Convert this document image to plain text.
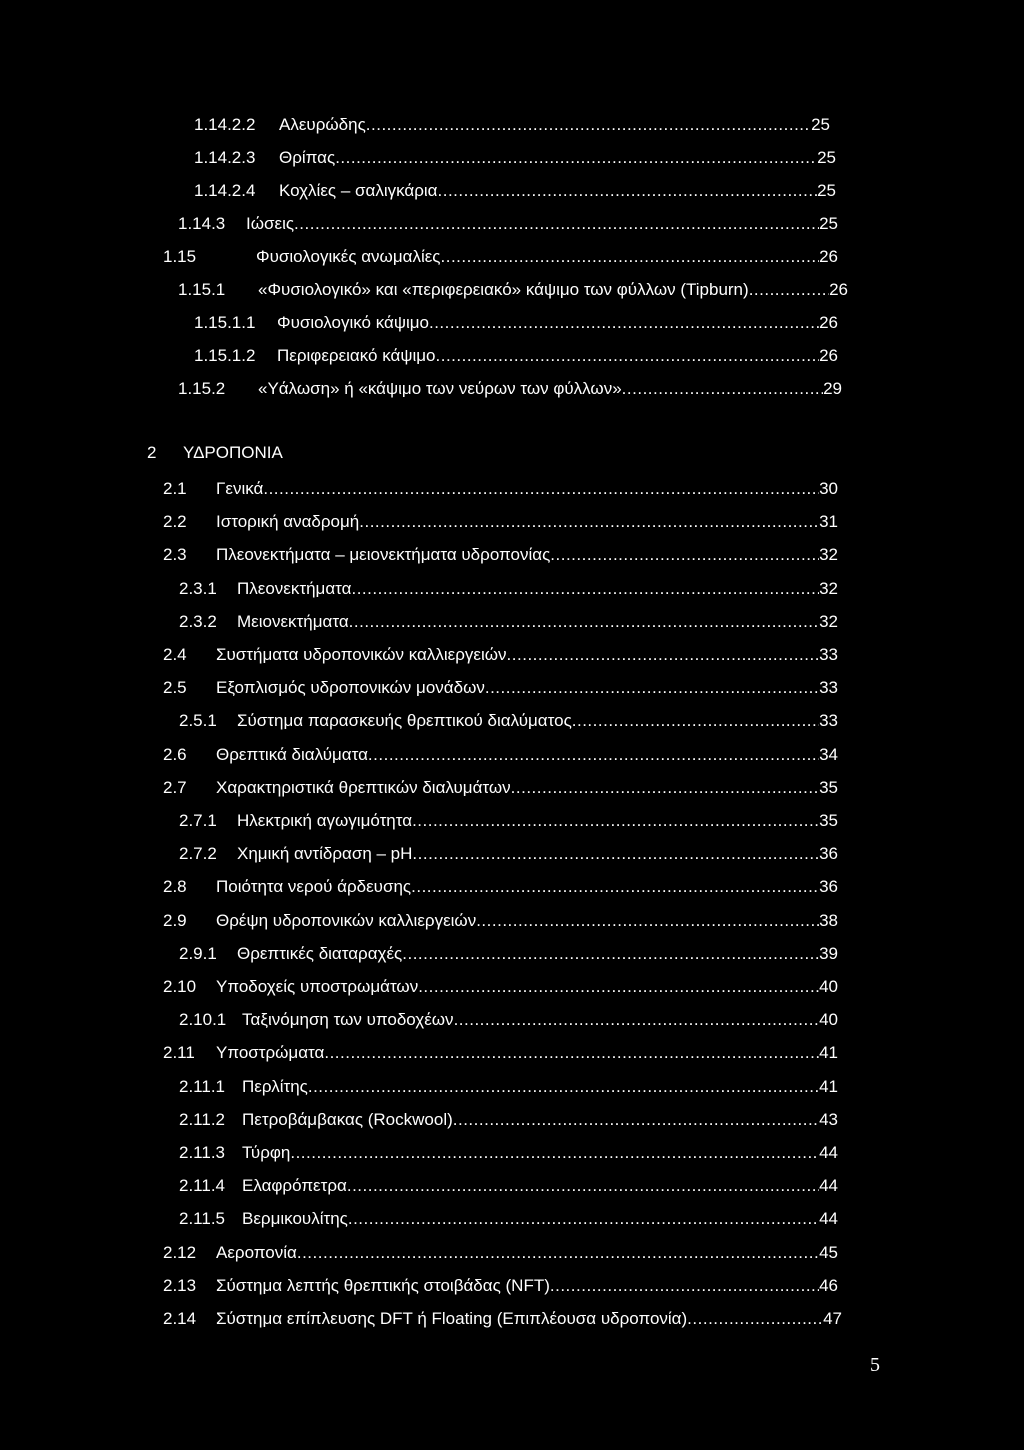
1.14.2.2	Αλευρώδης .....	25
1.14.2.3	Θρίπας .....	25
1.14.2.4	Κοχλίες – σαλιγκάρια .....	25
1.14.3	Ιώσεις .....	25
1.15	Φυσιολογικές ανωμαλίες .....	26
1.15.1	«Φυσιολογικό» και «περιφερειακό» κάψιμο των φύλλων (Tipburn) .....	26
1.15.1.1	Φυσιολογικό κάψιμο .....	26
1.15.1.2	Περιφερειακό κάψιμο .....	26
1.15.2	«Υάλωση» ή «κάψιμο των νεύρων των φύλλων» .....	29
2	ΥΔΡΟΠΟΝΙΑ
2.1	Γενικά .....	30
2.2	Ιστορική αναδρομή .....	31
2.3	Πλεονεκτήματα – μειονεκτήματα υδροπονίας .....	32
2.3.1	Πλεονεκτήματα .....	32
2.3.2	Μειονεκτήματα .....	32
2.4	Συστήματα υδροπονικών καλλιεργειών .....	33
2.5	Εξοπλισμός υδροπονικών μονάδων .....	33
2.5.1	Σύστημα παρασκευής θρεπτικού διαλύματος .....	33
2.6	Θρεπτικά διαλύματα .....	34
2.7	Χαρακτηριστικά θρεπτικών διαλυμάτων .....	35
2.7.1	Ηλεκτρική αγωγιμότητα .....	35
2.7.2	Χημική αντίδραση – pH .....	36
2.8	Ποιότητα νερού άρδευσης .....	36
2.9	Θρέψη υδροπονικών καλλιεργειών .....	38
2.9.1	Θρεπτικές διαταραχές .....	39
2.10	Υποδοχείς υποστρωμάτων .....	40
2.10.1 Ταξινόμηση των υποδοχέων .....	40
2.11	Υποστρώματα .....	41
2.11.1 Περλίτης .....	41
2.11.2 Πετροβάμβακας (Rockwool) .....	43
2.11.3 Τύρφη .....	44
2.11.4 Ελαφρόπετρα .....	44
2.11.5 Βερμικουλίτης .....	44
2.12	Αεροπονία .....	45
2.13	Σύστημα λεπτής θρεπτικής στοιβάδας (NFT) .....	46
2.14	Σύστημα επίπλευσης DFT ή Floating (Επιπλέουσα υδροπονία) .....	47
5
